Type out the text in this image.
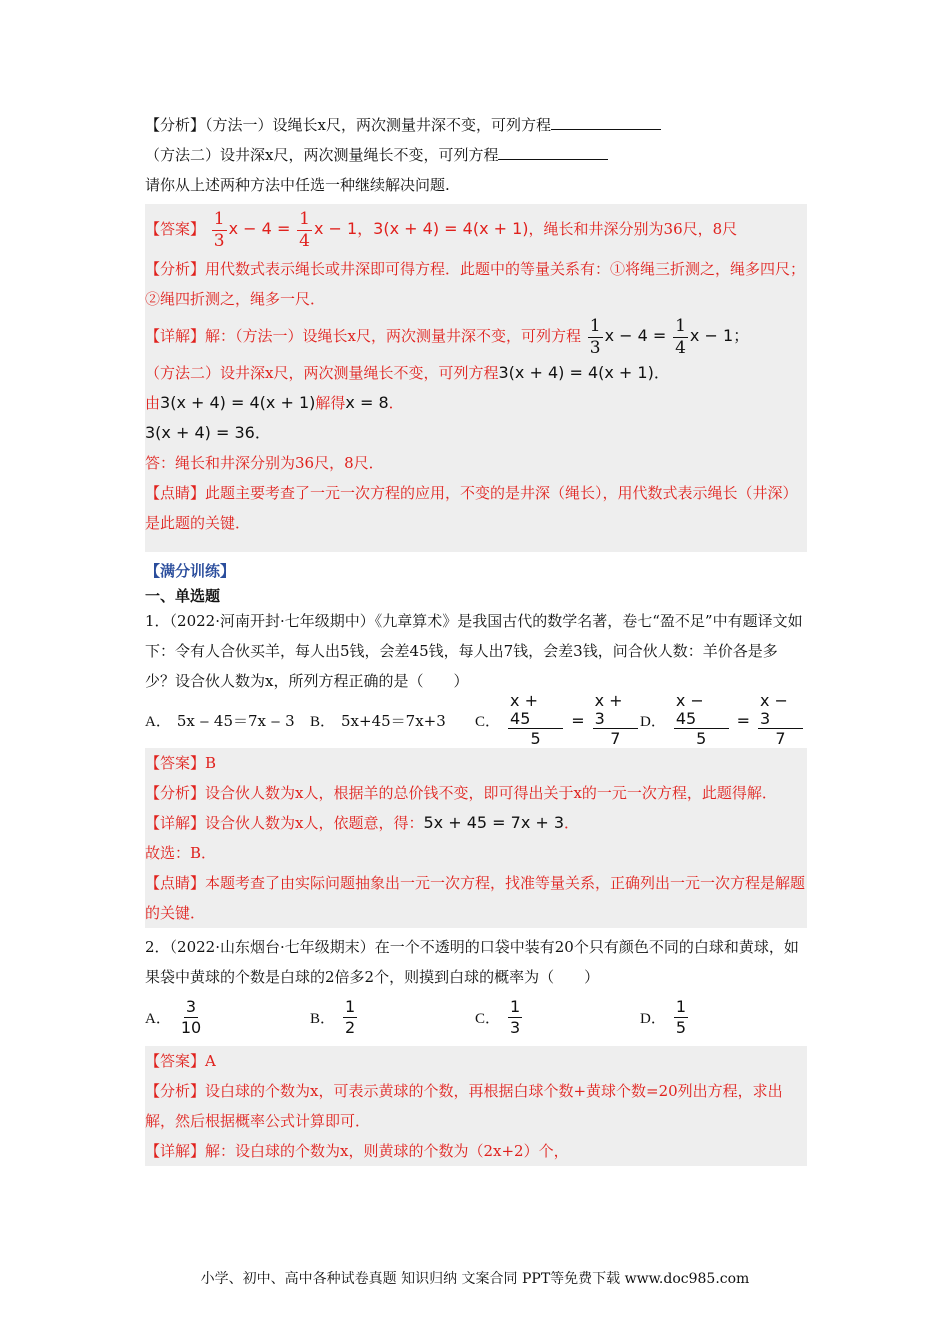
【分析】（方法一）设绳长x尺，两次测量井深不变，可列方程
（方法二）设井深x尺，两次测量绳长不变，可列方程
请你从上述两种方法中任选一种继续解决问题.
【答案】 $\frac{1}{3}$ $x - 4 = \frac{1}{4}$ x − 1，3(x + 4) = 4(x + 1)，绳长和井深分别为36尺，8尺
【分析】用代数式表示绳长或井深即可得方程．此题中的等量关系有：①将绳三折测之，绳多四尺；②绳四折测之，绳多一尺．
【详解】解：（方法一）设绳长x尺，两次测量井深不变，可列方程 $\frac{1}{3}$ $x - 4 = \frac{1}{4}$ x − 1；
（方法二）设井深x尺，两次测量绳长不变，可列方程3(x + 4) = 4(x + 1)．
由3(x + 4) = 4(x + 1)解得x = 8．
3(x + 4) = 36．
答：绳长和井深分别为36尺，8尺．
【点睛】此题主要考查了一元一次方程的应用，不变的是井深（绳长），用代数式表示绳长（井深）是此题的关键．
【满分训练】
一、单选题
1．（2022·河南开封·七年级期中）《九章算术》是我国古代的数学名著，卷七“盈不足”中有题译文如下：令有人合伙买羊，每人出5钱，会差45钱，每人出7钱，会差3钱，问合伙人数：羊价各是多少？设合伙人数为x，所列方程正确的是（　　）
A． 5x ‒ 45＝7x ‒ 3 B． 5x+45＝7x+3 C． $\frac{x + 45}{5} = \frac{x + 3}{7}$ D． $\frac{x - 45}{5} = \frac{x - 3}{7}$
【答案】B
【分析】设合伙人数为x人，根据羊的总价钱不变，即可得出关于x的一元一次方程，此题得解．
【详解】设合伙人数为x人，依题意，得：5x + 45 = 7x + 3．
故选：B．
【点睛】本题考查了由实际问题抽象出一元一次方程，找准等量关系，正确列出一元一次方程是解题的关键．
2．（2022·山东烟台·七年级期末）在一个不透明的口袋中装有20个只有颜色不同的白球和黄球，如果袋中黄球的个数是白球的2倍多2个，则摸到白球的概率为（　　）
A． $\frac{3}{10}$	B． $\frac{1}{2}$	C． $\frac{1}{3}$	D． $\frac{1}{5}$
【答案】A
【分析】设白球的个数为x，可表示黄球的个数，再根据白球个数+黄球个数=20列出方程，求出解，然后根据概率公式计算即可．
【详解】解：设白球的个数为x，则黄球的个数为（2x+2）个，
小学、初中、高中各种试卷真题 知识归纳 文案合同 PPT等免费下载 www.doc985.com
